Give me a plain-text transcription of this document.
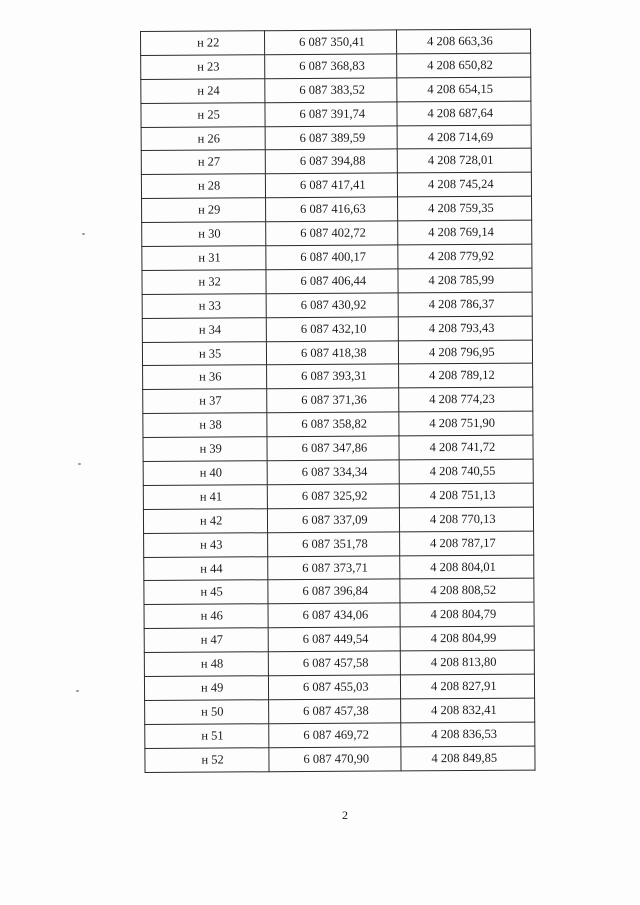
н 22	6 087 350,41	4 208 663,36
н 23	6 087 368,83	4 208 650,82
н 24	6 087 383,52	4 208 654,15
н 25	6 087 391,74	4 208 687,64
н 26	6 087 389,59	4 208 714,69
н 27	6 087 394,88	4 208 728,01
н 28	6 087 417,41	4 208 745,24
н 29	6 087 416,63	4 208 759,35
н 30	6 087 402,72	4 208 769,14
н 31	6 087 400,17	4 208 779,92
н 32	6 087 406,44	4 208 785,99
н 33	6 087 430,92	4 208 786,37
н 34	6 087 432,10	4 208 793,43
н 35	6 087 418,38	4 208 796,95
н 36	6 087 393,31	4 208 789,12
н 37	6 087 371,36	4 208 774,23
н 38	6 087 358,82	4 208 751,90
н 39	6 087 347,86	4 208 741,72
н 40	6 087 334,34	4 208 740,55
н 41	6 087 325,92	4 208 751,13
н 42	6 087 337,09	4 208 770,13
н 43	6 087 351,78	4 208 787,17
н 44	6 087 373,71	4 208 804,01
н 45	6 087 396,84	4 208 808,52
н 46	6 087 434,06	4 208 804,79
н 47	6 087 449,54	4 208 804,99
н 48	6 087 457,58	4 208 813,80
н 49	6 087 455,03	4 208 827,91
н 50	6 087 457,38	4 208 832,41
н 51	6 087 469,72	4 208 836,53
н 52	6 087 470,90	4 208 849,85
2
